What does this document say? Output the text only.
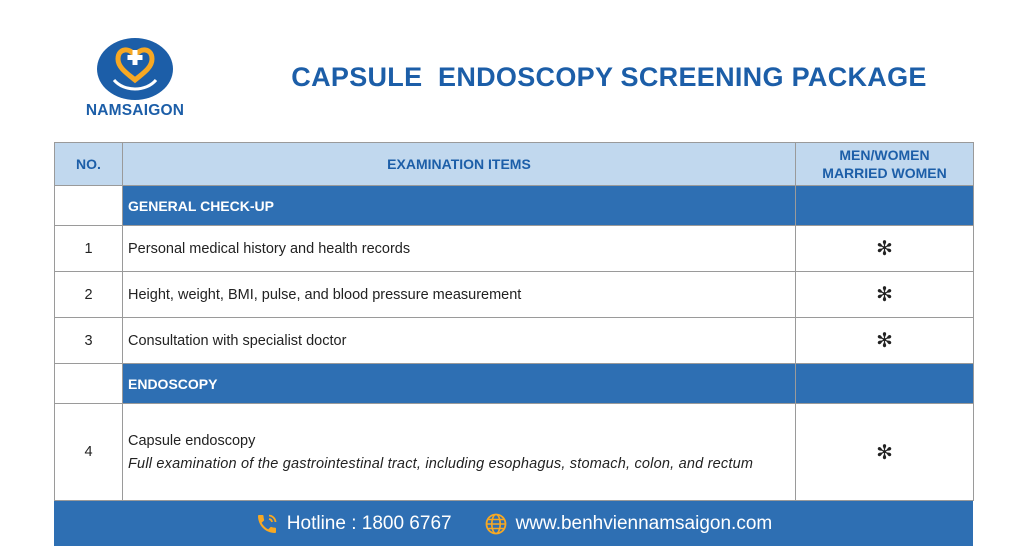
NAMSAIGON
CAPSULE  ENDOSCOPY SCREENING PACKAGE
NO.	EXAMINATION ITEMS	MEN/WOMEN
MARRIED WOMEN

	GENERAL CHECK-UP	
1	Personal medical history and health records	✻
2	Height, weight, BMI, pulse, and blood pressure measurement	✻
3	Consultation with specialist doctor	✻
	ENDOSCOPY	
4	Capsule endoscopy
Full examination of the gastrointestinal tract, including esophagus, stomach, colon, and rectum	✻
Hotline : 1800 6767	www.benhviennamsaigon.com
